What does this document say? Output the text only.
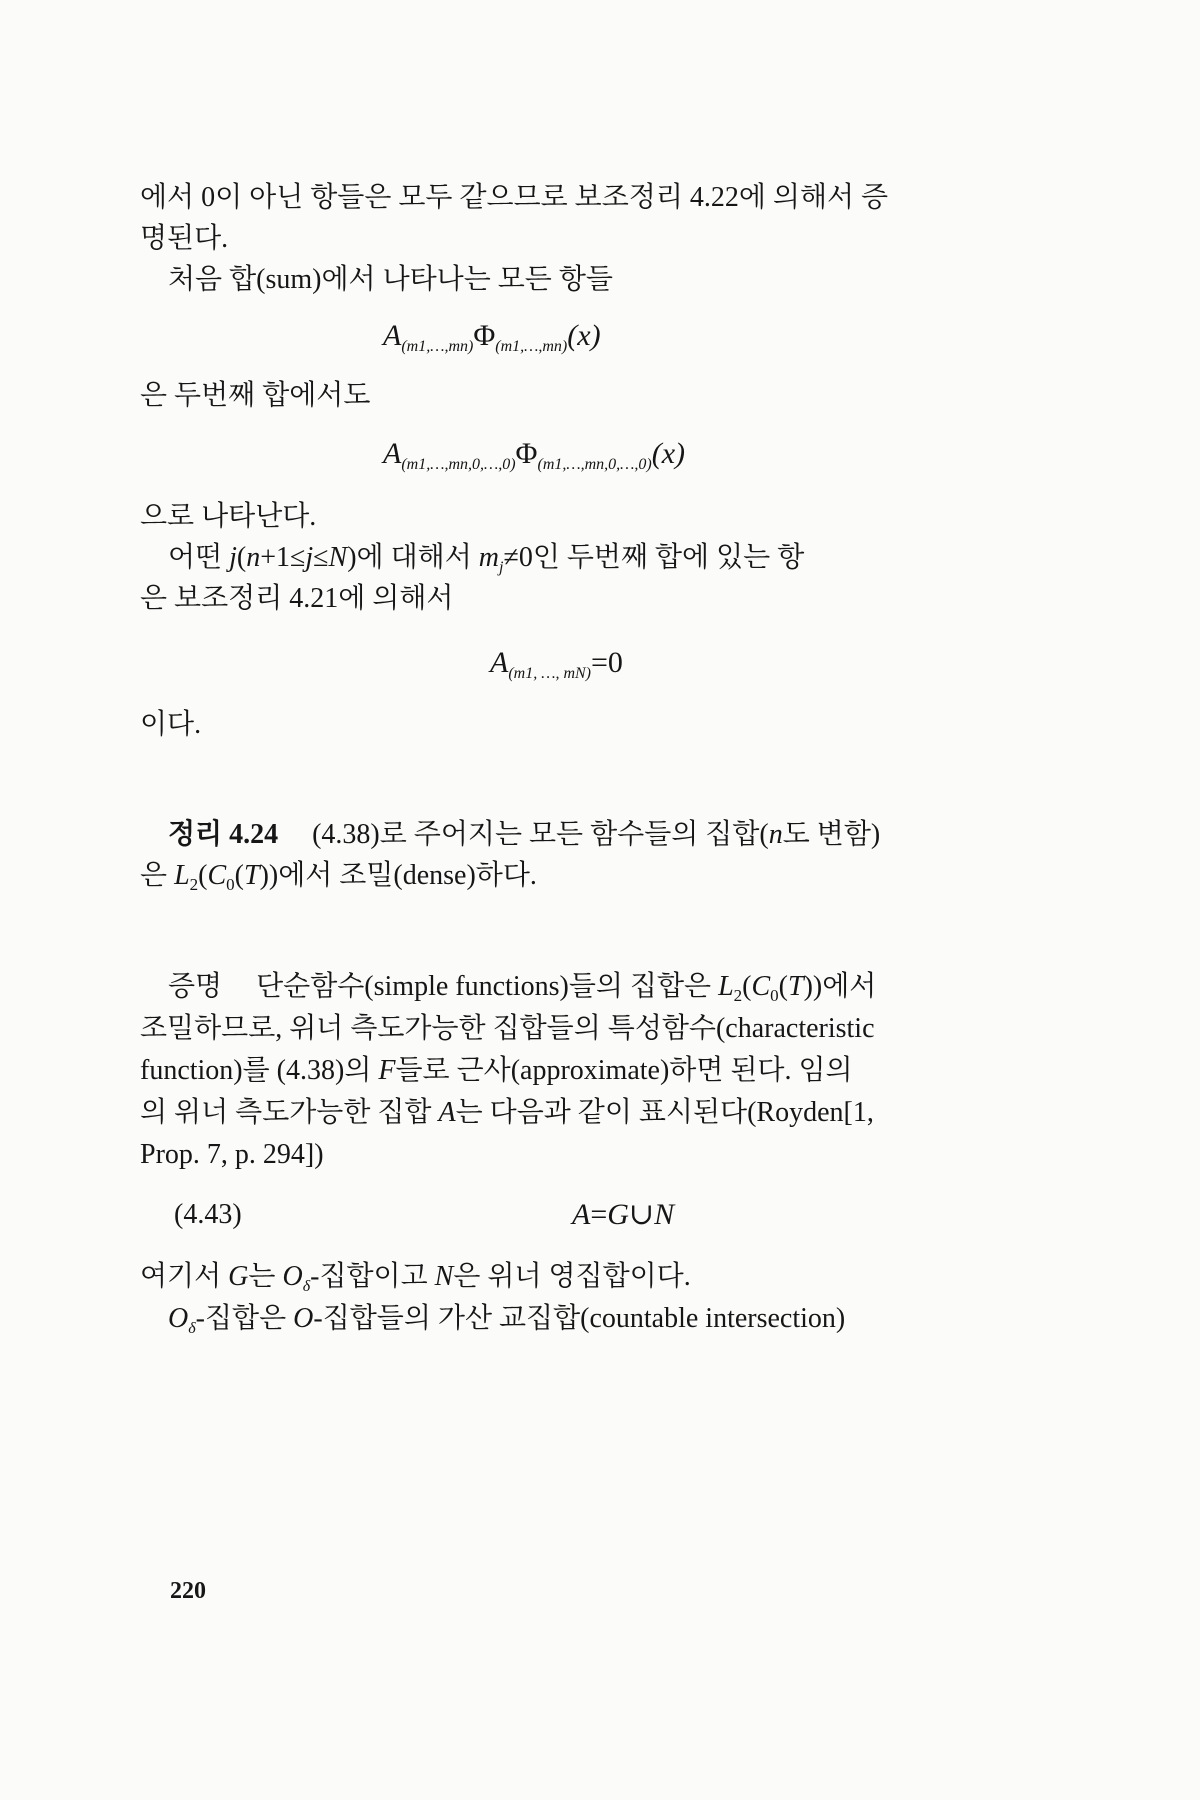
에서 0이 아닌 항들은 모두 같으므로 보조정리 4.22에 의해서 증

명된다.

처음 합(sum)에서 나타나는 모든 항들

$A_{(m1,\dots,mn)}\Phi_{(m1,\dots,mn)}(x)$

은 두번째 합에서도

$A_{(m1,\dots,mn,0,\dots,0)}\Phi_{(m1,\dots,mn,0,\dots,0)}(x)$

으로 나타난다.

어떤 j(n+1≤j≤N)에 대해서 $m_j\ne 0$인 두번째 합에 있는 항

은 보조정리 4.21에 의해서

$A_{(m1, \dots, mN)}=0$

이다.

정리 4.24 (4.38)로 주어지는 모든 함수들의 집합(n도 변함)

은 $L_2(C_0(T))$에서 조밀(dense)하다.

증명 단순함수(simple functions)들의 집합은 $L_2(C_0(T))$에서

조밀하므로, 위너 측도가능한 집합들의 특성함수(characteristic

function)를 (4.38)의 F들로 근사(approximate)하면 된다. 임의

의 위너 측도가능한 집합 A는 다음과 같이 표시된다(Royden[1,

Prop. 7, p. 294])

(4.43)	A=G∪N

여기서 G는 $O_\delta-$집합이고 N은 위너 영집합이다.

$O_\delta-$집합은 O-집합들의 가산 교집합(countable intersection)

220
